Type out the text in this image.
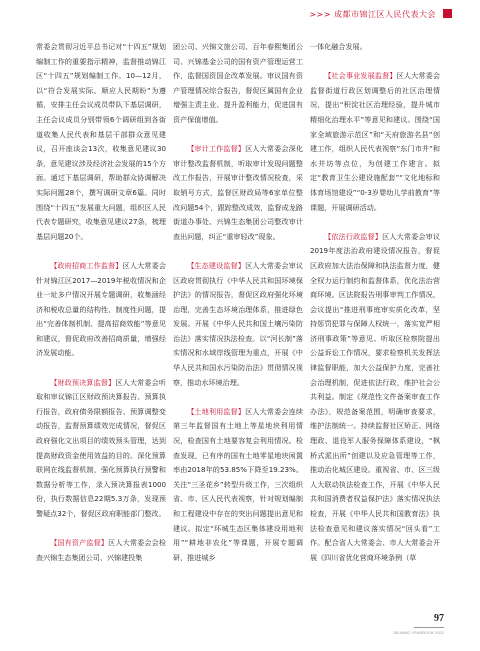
>>> 成都市锦江区人民代表大会

常委会贯彻习近平总书记对“十四五”规划编制工作的重要指示精神，监督推动锦江区“十四五”规划编制工作。10—12月，以“符合发展实际、顺应人民期盼”为遵循，安排主任会议成员带队下基层调研，主任会议成员分别带领6个调研组到各街道收集人民代表和基层干部群众意见建议，召开座谈会13次，收集意见建议30条，意见建议涉及经济社会发展的15个方面。通过下基层调研，帮助群众协调解决实际问题28个，撰写调研文章6篇。同时围绕“十四五”发展重大问题，组织区人民代表专题研究，收集意见建议27条，梳理基层问题20个。

【政府招商工作监督】区人大常委会针对锦江区2017—2019年税收情况和企业一址多户情况开展专题调研，收集涵经济和税收总量的结构性、制度性问题，提出“完善体制机制、提高招商效能”等意见和建议，督促政府改善招商质量，增强经济发展动能。

【财政预决算监督】区人大常委会听取和审议锦江区财政预决算报告、预算执行报告，政府债务限额报告、预算调整变动报告，监督预算绩效完成情况，督促区政府强化文出项目的绩效预头管理，达到提高财政资金使用效益的目的。深化预算联网在线监督机制，强化预算执行预警和数据分析等工作，录入预决算报表1000份，执行数据信息22期5.3万条，发现预警疑点32个，督促区政府职能部门整改。

【国有资产监督】区人大常委会会检查兴锦生态集团公司、兴锦建投集

团公司、兴锦文旅公司、百年春熙集团公司、兴锦基金公司的国有资产管理运营工作，监督国资国企改革发展。审议国有资产管理情况综合报告，督促区属国有企业增强主责主业、提升盈利能力，促进国有资产保值增值。

【审计工作监督】区人大常委会深化审计整改监督机制，听取审计发现问题整改工作报告，开展审计整改情况检查，采取销号方式，监督区财政局等6家单位整改问题54个，跟踪整改成效，监督成龙路街道办事处、兴锦生态集团公司整改审计查出问题，纠正“重审轻改”现象。

【生态建设监督】区人大常委会审议区政府贯彻执行《中华人民共和国环境保护法》的情况报告，督促区政府强化环境治理，完善生态环境治理体系，推进绿色发展。开展《中华人民共和国土壤污染防治法》落实情况执法检查。以“河长制”落实情况和水域岸线管理为重点，开展《中华人民共和国水污染防治法》贯彻情况视察，推动水环境治理。

【土地利用监督】区人大常委会连续第三年监督国有土地上等星地块利用情况，检查国有土地要容复会利用情况。检查发现，已有序的国有土地零星地块闲置率由2018年的53.85%下降至19.23%。关注“三圣花乡”转型升级工作，三次组织省、市、区人民代表视察，针对规划编制和工程建设中存在的突出问题提出意见和建议。拟定“环城生态区集体建设用地利用”“耕地非农化”等课题，开展专题调研，推进城乡

一体化融合发展。

【社会事业发展监督】区人大常委会监督街道行政区划调整后的社区治理情况，提出“积淀社区治理经验，提升城市精细化治理水平”等意见和建议。围绕“国家全域旅游示范区”和“天府旅游名县”创建工作，组织人民代表视察“东门市井”和水井坊等点位，为创建工作建言。拟定“教育卫生公建设施配套”“文化地标和体育场馆建设”“0-3岁婴幼儿学前教育”等课题，开展调研活动。

【依法行政监督】区人大常委会审议2019年度法治政府建设情况报告，督促区政府加大法治保障和执法监督力度，健全权力运行制约和监督体系，优化法治营商环境。区法院报告刑事审判工作情况，会议提出“推进刑事庭审实质化改革，坚持惩罚犯罪与保障人权统一，落实宽严相济刑事政策”等意见。听取区检察院提出公益诉讼工作情况，要求检察机关发挥法律监督职能，加大公益保护力度，完善社会治理机制，促进依法行政，维护社会公共利益。制定《规范性文件备案审查工作办法》，规范备案范围，明确审查要求，维护法制统一。持续监督社区矫正、网络理政、退役军人服务保障体系建设，“枫桥式派出所”创建以及应急管理等工作，推动治化城区建设。重视省、市、区三级人大联动执法检查工作，开展《中华人民共和国消费者权益保护法》落实情况执法检查，开展《中华人民共和国教育法》执法检查意见和建议落实情况“回头看”工作。配合省人大常委会、市人大常委会开展《四川省优化营商环境条例（草

97
JINJIANG YEARBOOK 2021
